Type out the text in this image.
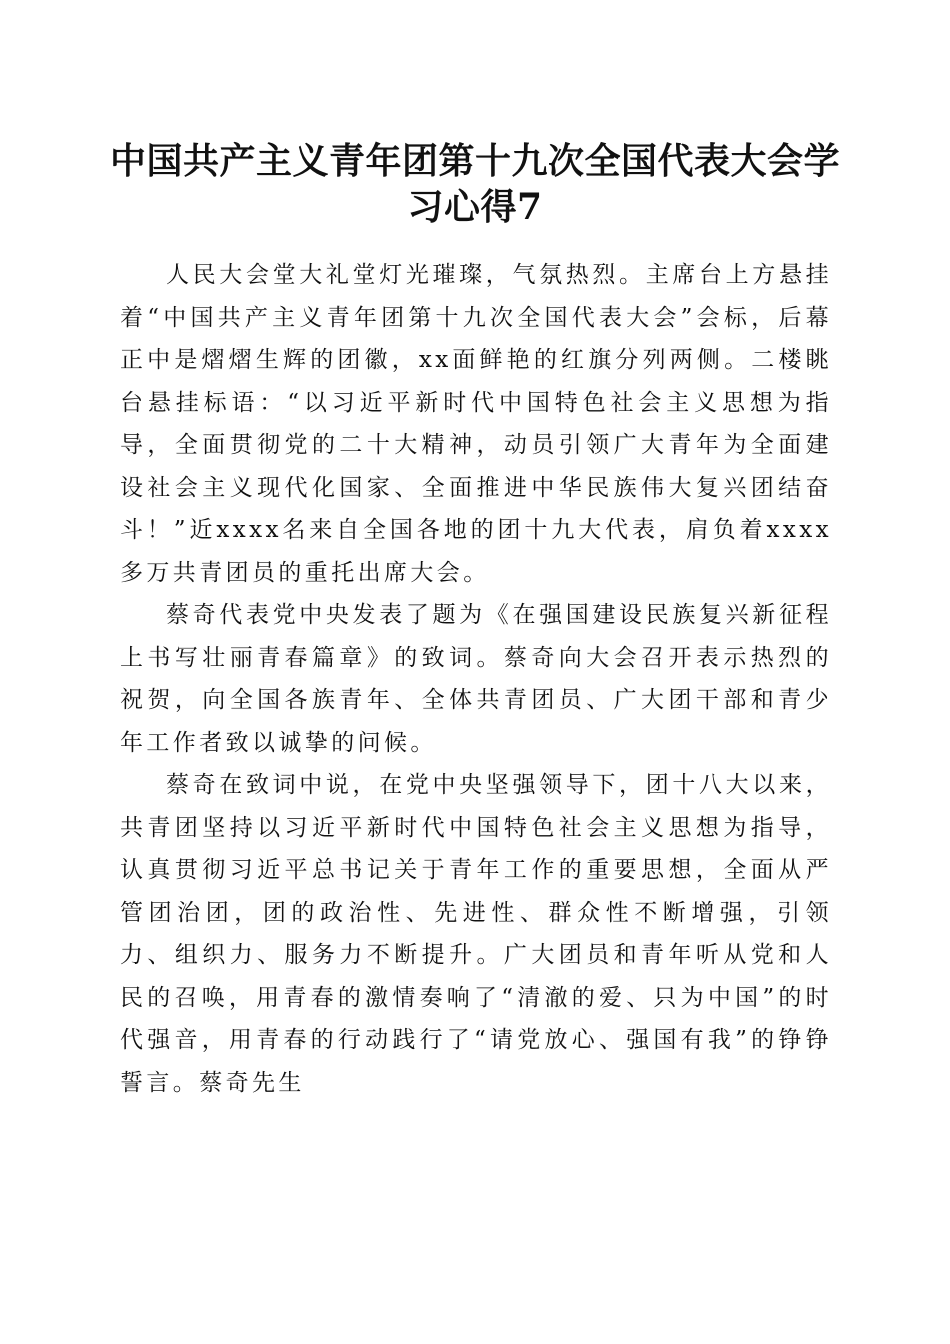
中国共产主义青年团第十九次全国代表大会学习心得7

人民大会堂大礼堂灯光璀璨，气氛热烈。主席台上方悬挂着“中国共产主义青年团第十九次全国代表大会”会标，后幕正中是熠熠生辉的团徽，xx面鲜艳的红旗分列两侧。二楼眺台悬挂标语：“以习近平新时代中国特色社会主义思想为指导，全面贯彻党的二十大精神，动员引领广大青年为全面建设社会主义现代化国家、全面推进中华民族伟大复兴团结奋斗！”近xxxx名来自全国各地的团十九大代表，肩负着xxxx多万共青团员的重托出席大会。

蔡奇代表党中央发表了题为《在强国建设民族复兴新征程上书写壮丽青春篇章》的致词。蔡奇向大会召开表示热烈的祝贺，向全国各族青年、全体共青团员、广大团干部和青少年工作者致以诚挚的问候。

蔡奇在致词中说，在党中央坚强领导下，团十八大以来，共青团坚持以习近平新时代中国特色社会主义思想为指导，认真贯彻习近平总书记关于青年工作的重要思想，全面从严管团治团，团的政治性、先进性、群众性不断增强，引领力、组织力、服务力不断提升。广大团员和青年听从党和人民的召唤，用青春的激情奏响了“清澈的爱、只为中国”的时代强音，用青春的行动践行了“请党放心、强国有我”的铮铮誓言。蔡奇先生
